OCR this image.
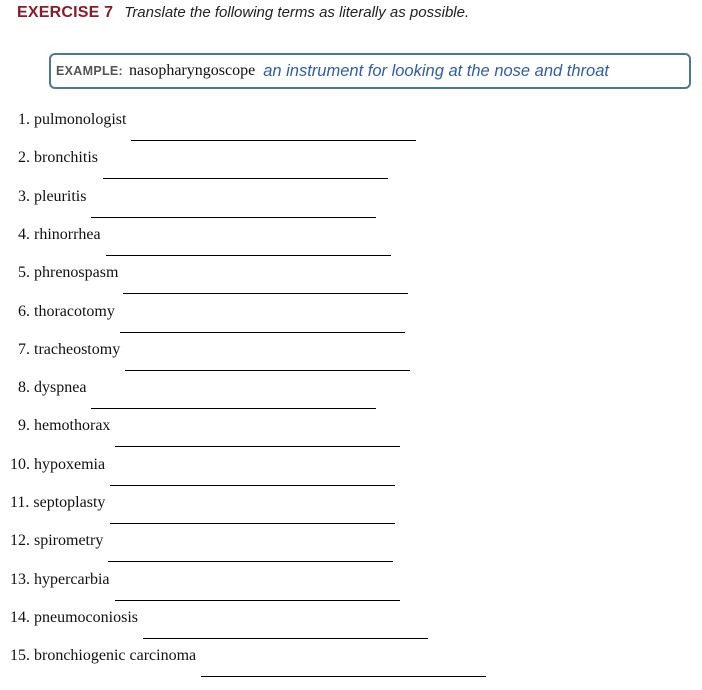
EXERCISE 7 Translate the following terms as literally as possible.
EXAMPLE: nasopharyngoscope an instrument for looking at the nose and throat
1. pulmonologist
2. bronchitis
3. pleuritis
4. rhinorrhea
5. phrenospasm
6. thoracotomy
7. tracheostomy
8. dyspnea
9. hemothorax
10. hypoxemia
11. septoplasty
12. spirometry
13. hypercarbia
14. pneumoconiosis
15. bronchiogenic carcinoma
